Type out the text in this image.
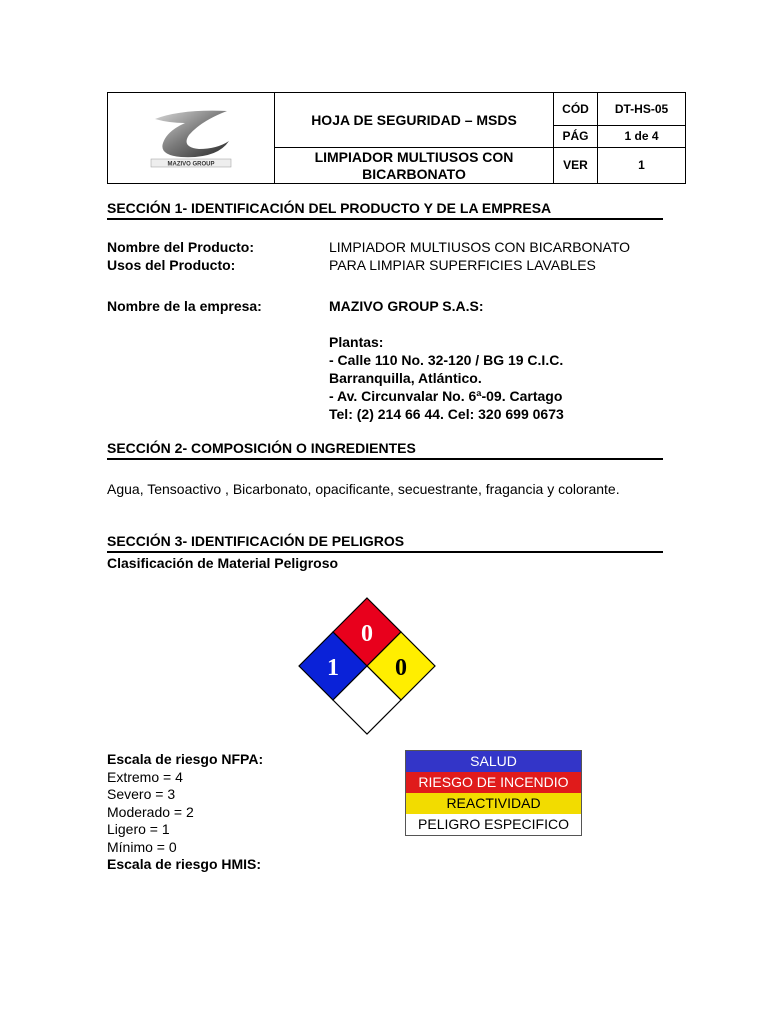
MAZIVO GROUP	HOJA DE SEGURIDAD – MSDS	CÓD	DT-HS-05
		PÁG	1 de 4

	LIMPIADOR MULTIUSOS CON BICARBONATO	VER	1
SECCIÓN 1- IDENTIFICACIÓN DEL PRODUCTO Y DE LA EMPRESA
Nombre del Producto:	LIMPIADOR MULTIUSOS CON BICARBONATO
Usos del Producto:	PARA LIMPIAR SUPERFICIES LAVABLES
Nombre de la empresa:	MAZIVO GROUP S.A.S:
Plantas:
- Calle 110 No. 32-120 / BG 19 C.I.C.
Barranquilla, Atlántico.
- Av. Circunvalar No. 6ª-09. Cartago
Tel: (2) 214 66 44. Cel: 320 699 0673
SECCIÓN 2- COMPOSICIÓN O INGREDIENTES
Agua, Tensoactivo , Bicarbonato, opacificante, secuestrante, fragancia y colorante.
SECCIÓN 3- IDENTIFICACIÓN DE PELIGROS
Clasificación de Material Peligroso
0
1 0
Escala de riesgo NFPA:
Extremo = 4
Severo = 3
Moderado = 2
Ligero = 1
Mínimo = 0
Escala de riesgo HMIS:
SALUD
RIESGO DE INCENDIO
REACTIVIDAD
PELIGRO ESPECIFICO
